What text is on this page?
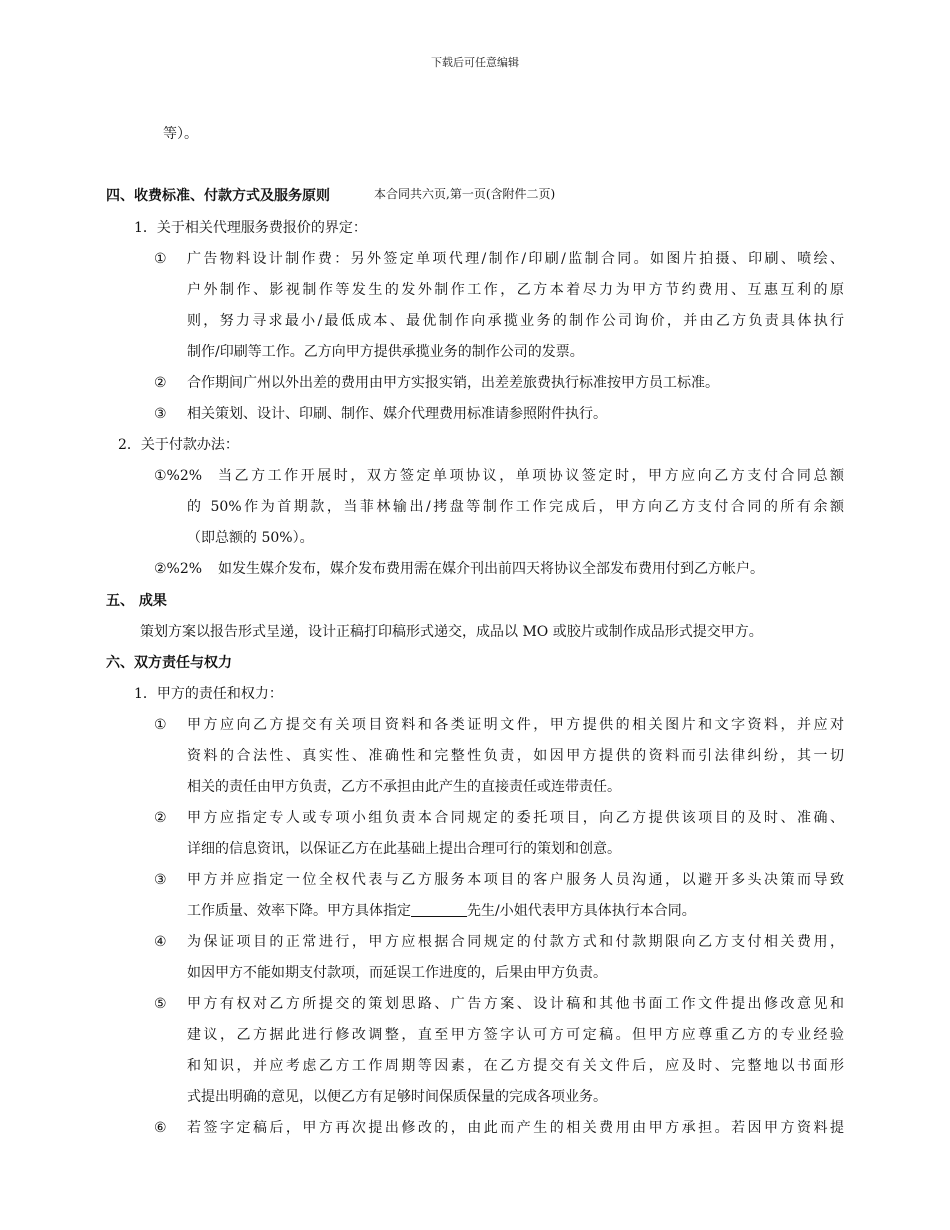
下载后可任意编辑
等）。
四、收费标准、付款方式及服务原则	本合同共六页,第一页(含附件二页)
1．关于相关代理服务费报价的界定：
① 广告物料设计制作费：另外签定单项代理/制作/印刷/监制合同。如图片拍摄、印刷、喷绘、
户外制作、影视制作等发生的发外制作工作，乙方本着尽力为甲方节约费用、互惠互利的原
则，努力寻求最小/最低成本、最优制作向承揽业务的制作公司询价，并由乙方负责具体执行
制作/印刷等工作。乙方向甲方提供承揽业务的制作公司的发票。
② 合作期间广州以外出差的费用由甲方实报实销，出差差旅费执行标准按甲方员工标准。
③ 相关策划、设计、印刷、制作、媒介代理费用标准请参照附件执行。
2．关于付款办法：
①%2% 当乙方工作开展时，双方签定单项协议，单项协议签定时，甲方应向乙方支付合同总额
的 50%作为首期款，当菲林输出/拷盘等制作工作完成后，甲方向乙方支付合同的所有余额
（即总额的 50%）。
②%2% 如发生媒介发布，媒介发布费用需在媒介刊出前四天将协议全部发布费用付到乙方帐户。
五、 成果
策划方案以报告形式呈递，设计正稿打印稿形式递交，成品以 MO 或胶片或制作成品形式提交甲方。
六、双方责任与权力
1．甲方的责任和权力：
① 甲方应向乙方提交有关项目资料和各类证明文件，甲方提供的相关图片和文字资料，并应对
资料的合法性、真实性、准确性和完整性负责，如因甲方提供的资料而引法律纠纷，其一切
相关的责任由甲方负责，乙方不承担由此产生的直接责任或连带责任。
② 甲方应指定专人或专项小组负责本合同规定的委托项目，向乙方提供该项目的及时、准确、
详细的信息资讯，以保证乙方在此基础上提出合理可行的策划和创意。
③ 甲方并应指定一位全权代表与乙方服务本项目的客户服务人员沟通，以避开多头决策而导致
工作质量、效率下降。甲方具体指定	先生/小姐代表甲方具体执行本合同。
④ 为保证项目的正常进行，甲方应根据合同规定的付款方式和付款期限向乙方支付相关费用，
如因甲方不能如期支付款项，而延误工作进度的，后果由甲方负责。
⑤ 甲方有权对乙方所提交的策划思路、广告方案、设计稿和其他书面工作文件提出修改意见和
建议，乙方据此进行修改调整，直至甲方签字认可方可定稿。但甲方应尊重乙方的专业经验
和知识，并应考虑乙方工作周期等因素，在乙方提交有关文件后，应及时、完整地以书面形
式提出明确的意见，以便乙方有足够时间保质保量的完成各项业务。
⑥ 若签字定稿后，甲方再次提出修改的，由此而产生的相关费用由甲方承担。若因甲方资料提
